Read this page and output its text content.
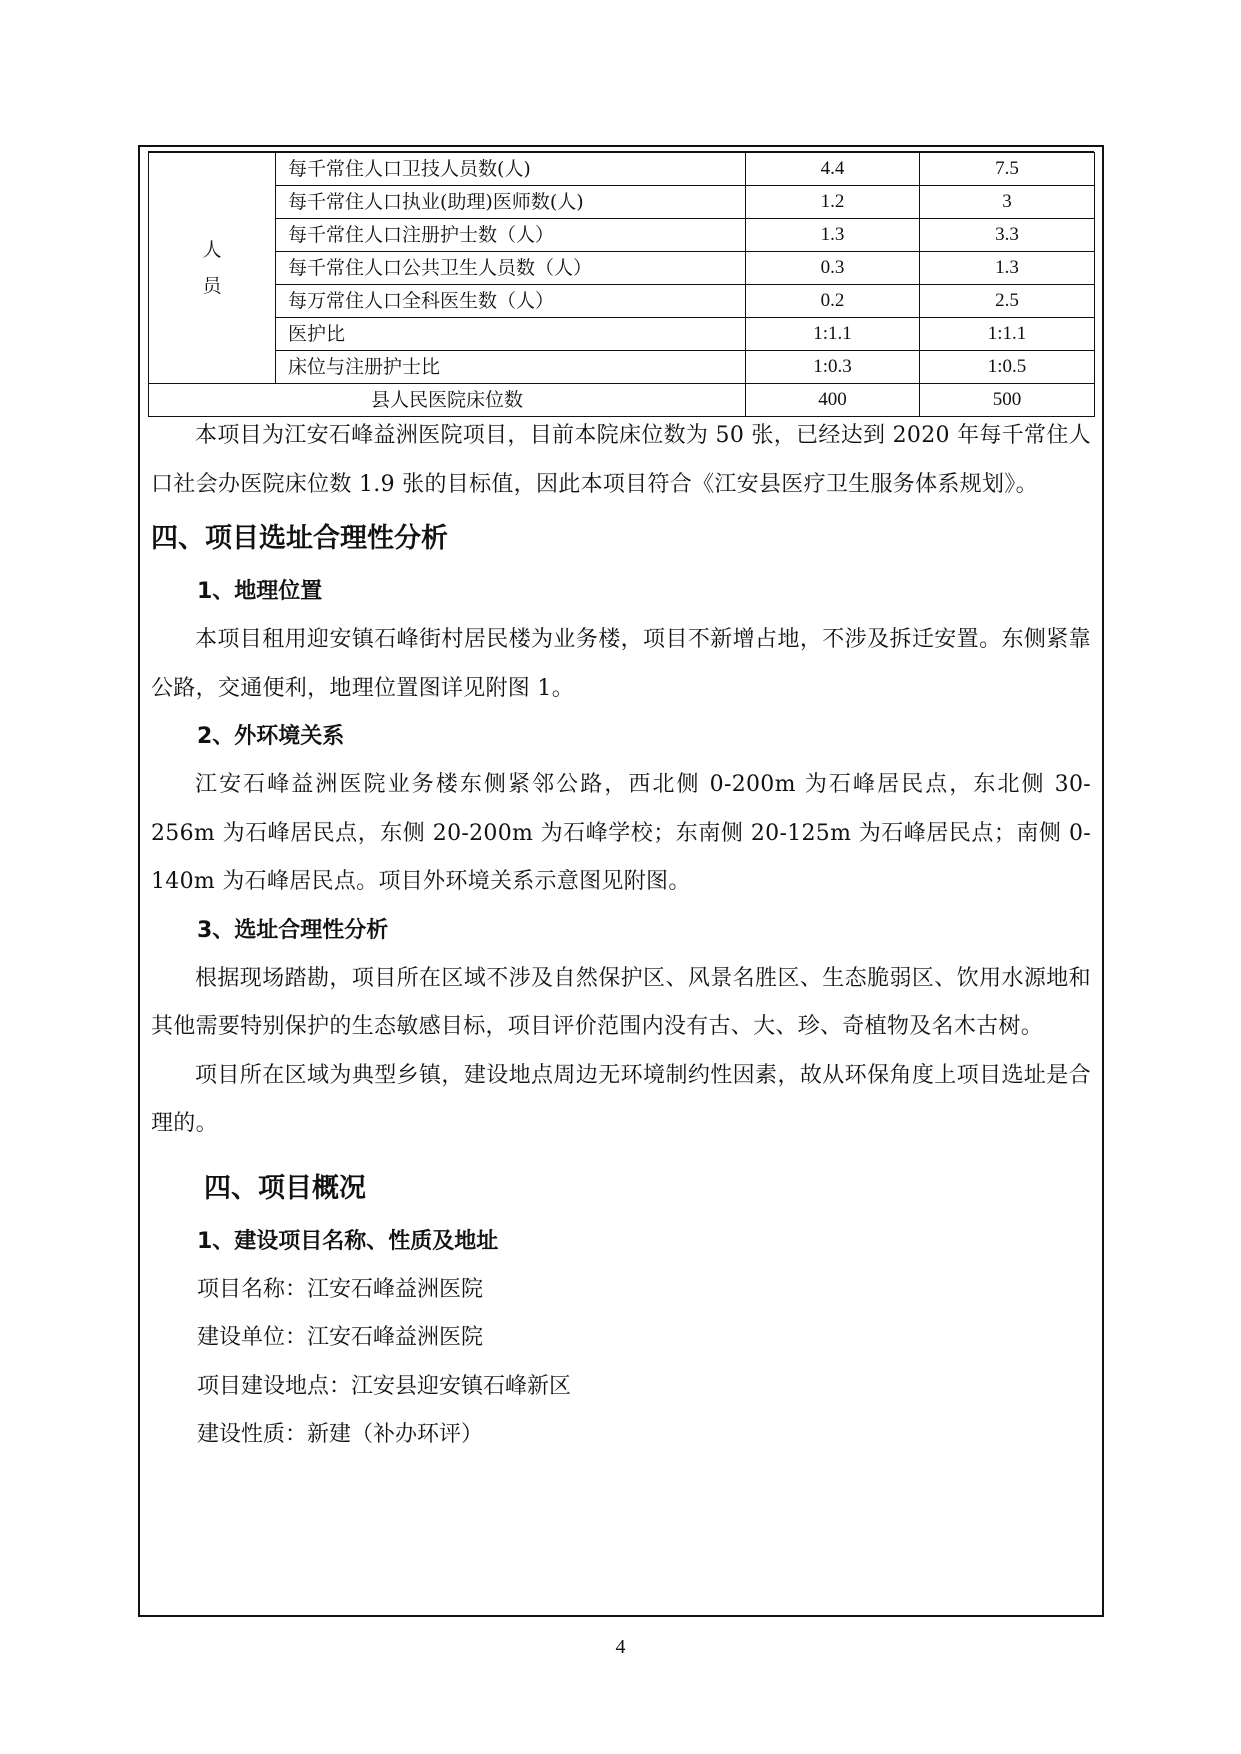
人
员	每千常住人口卫技人员数(人)	4.4	7.5
	每千常住人口执业(助理)医师数(人)	1.2	3
	每千常住人口注册护士数（人）	1.3	3.3
	每千常住人口公共卫生人员数（人）	0.3	1.3
	每万常住人口全科医生数（人）	0.2	2.5
	医护比	1:1.1	1:1.1
	床位与注册护士比	1:0.3	1:0.5
县人民医院床位数		400	500

本项目为江安石峰益洲医院项目，目前本院床位数为 50 张，已经达到 2020 年每千常住人口社会办医院床位数 1.9 张的目标值，因此本项目符合《江安县医疗卫生服务体系规划》。

四、项目选址合理性分析
1、地理位置

本项目租用迎安镇石峰街村居民楼为业务楼，项目不新增占地，不涉及拆迁安置。东侧紧靠公路，交通便利，地理位置图详见附图 1。

2、外环境关系

江安石峰益洲医院业务楼东侧紧邻公路，西北侧 0-200m 为石峰居民点，东北侧 30-256m 为石峰居民点，东侧 20-200m 为石峰学校；东南侧 20-125m 为石峰居民点；南侧 0-140m 为石峰居民点。项目外环境关系示意图见附图。

3、选址合理性分析

根据现场踏勘，项目所在区域不涉及自然保护区、风景名胜区、生态脆弱区、饮用水源地和其他需要特别保护的生态敏感目标，项目评价范围内没有古、大、珍、奇植物及名木古树。

项目所在区域为典型乡镇，建设地点周边无环境制约性因素，故从环保角度上项目选址是合理的。

四、项目概况
1、建设项目名称、性质及地址

项目名称：江安石峰益洲医院

建设单位：江安石峰益洲医院

项目建设地点：江安县迎安镇石峰新区

建设性质：新建（补办环评）

4
